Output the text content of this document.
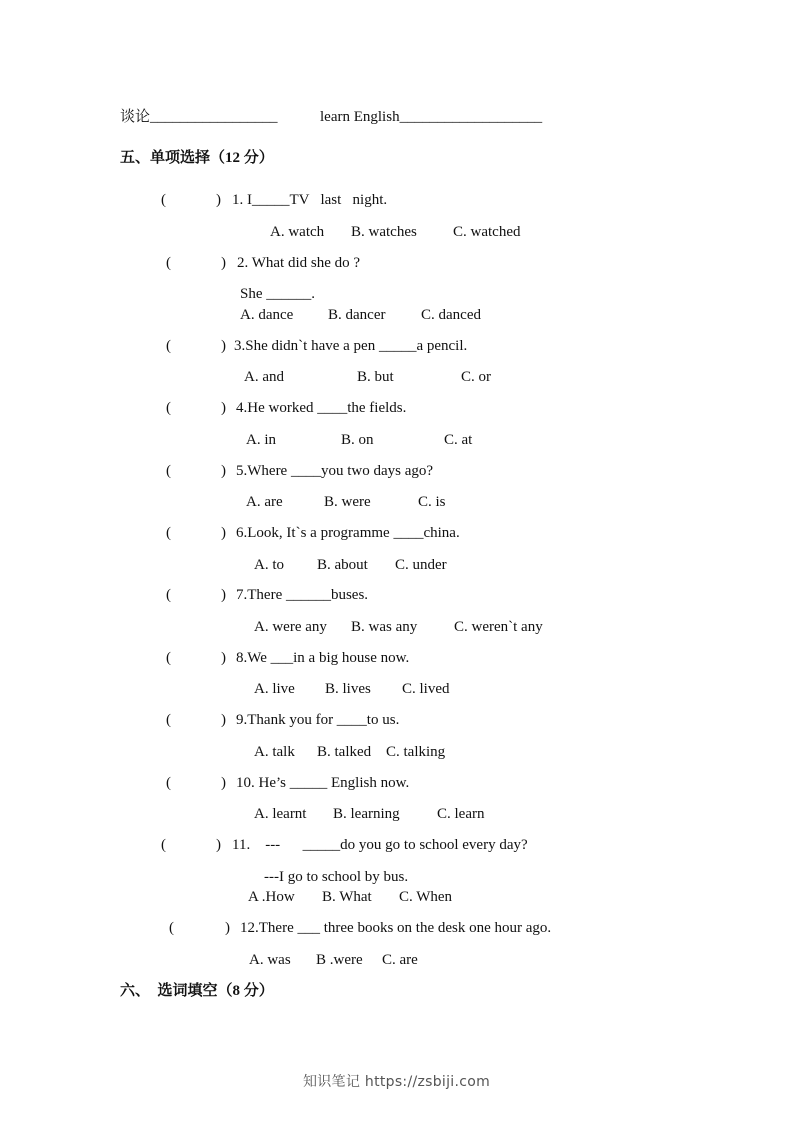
谈论_________________	learn English___________________
五、单项选择（12 分）
(	) 1. I_____TV   last   night.
A. watch B. watches C. watched
(	) 2. What did she do ?
She ______.
A. dance B. dancer C. danced
(	) 3.She didn`t have a pen _____a pencil.
A. and	B. but	C. or
(	) 4.He worked ____the fields.
A. in	B. on	C. at
(	) 5.Where ____you two days ago?
A. are	B. were	C. is
(	) 6.Look, It`s a programme ____china.
A. to B. about C. under
(	) 7.There ______buses.
A. were any B. was any C. weren`t any
(	) 8.We ___in a big house now.
A. live B. lives C. lived
(	) 9.Thank you for ____to us.
A. talk B. talked C. talking
(	) 10. He’s _____ English now.
A. learnt B. learning C. learn
(	) 11.    ---      _____do you go to school every day?
---I go to school by bus.
A .How B. What C. When
(	) 12.There ___ three books on the desk one hour ago.
A. was B .were C. are
六、  选词填空（8 分）
知识笔记 https://zsbiji.com
